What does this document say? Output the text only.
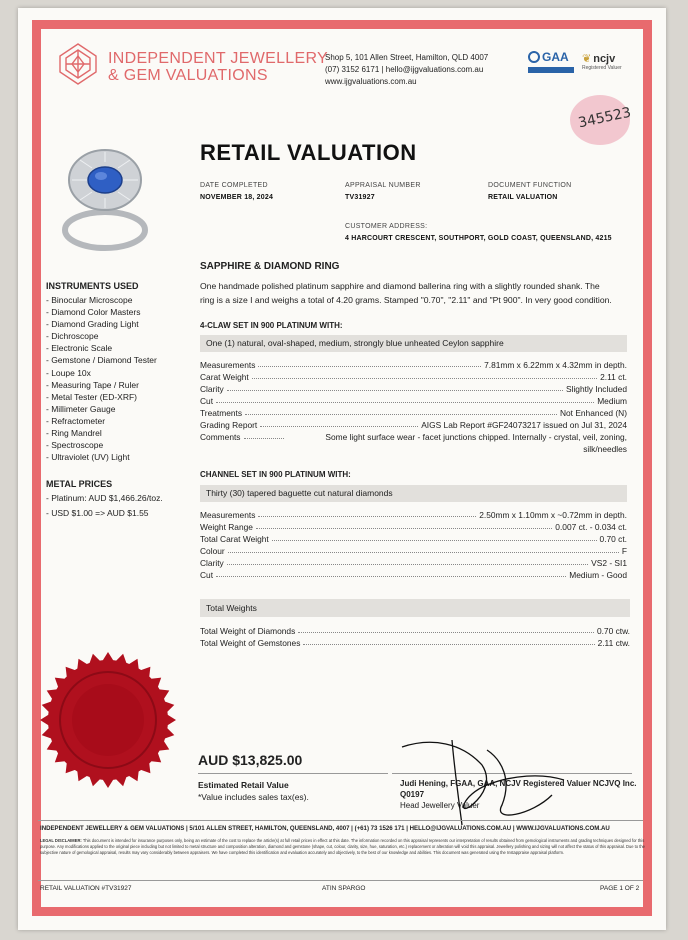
INDEPENDENT JEWELLERY
& GEM VALUATIONS
Shop 5, 101 Allen Street, Hamilton, QLD 4007
(07) 3152 6171 | hello@ijgvaluations.com.au
www.ijgvaluations.com.au
GAA ❦ ncjv
Registered Valuer
345523
RETAIL VALUATION
DATE COMPLETED
NOVEMBER 18, 2024
APPRAISAL NUMBER
TV31927
DOCUMENT FUNCTION
RETAIL VALUATION
CUSTOMER ADDRESS:
4 HARCOURT CRESCENT, SOUTHPORT, GOLD COAST, QUEENSLAND, 4215
INSTRUMENTS USED
- Binocular Microscope
- Diamond Color Masters
- Diamond Grading Light
- Dichroscope
- Electronic Scale
- Gemstone / Diamond Tester
- Loupe 10x
- Measuring Tape / Ruler
- Metal Tester (ED-XRF)
- Millimeter Gauge
- Refractometer
- Ring Mandrel
- Spectroscope
- Ultraviolet (UV) Light
METAL PRICES
- Platinum: AUD $1,466.26/toz.
- USD $1.00 => AUD $1.55
SAPPHIRE & DIAMOND RING
One handmade polished platinum sapphire and diamond ballerina ring with a slightly rounded shank. The
ring is a size I and weighs a total of 4.20 grams. Stamped "0.70", "2.11" and "Pt 900". In very good condition.
4-CLAW SET IN 900 PLATINUM WITH:
One (1) natural, oval-shaped, medium, strongly blue unheated Ceylon sapphire
Measurements	7.81mm x 6.22mm x 4.32mm in depth.
Carat Weight	2.11 ct.
Clarity	Slightly Included
Cut	Medium
Treatments	Not Enhanced (N)
Grading Report	AIGS Lab Report #GF24073217 issued on Jul 31, 2024
Comments	Some light surface wear - facet junctions chipped. Internally - crystal, veil, zoning,
silk/needles
CHANNEL SET IN 900 PLATINUM WITH:
Thirty (30) tapered baguette cut natural diamonds
Measurements	2.50mm x 1.10mm x ~0.72mm in depth.
Weight Range	0.007 ct. - 0.034 ct.
Total Carat Weight	0.70 ct.
Colour	F
Clarity	VS2 - SI1
Cut	Medium - Good
Total Weights
Total Weight of Diamonds	0.70 ctw.
Total Weight of Gemstones	2.11 ctw.
AUD $13,825.00
Estimated Retail Value
*Value includes sales tax(es).
Judi Hening, FGAA, GAA, NCJV Registered Valuer NCJVQ Inc.
Q0197
Head Jewellery Valuer
INDEPENDENT JEWELLERY & GEM VALUATIONS | 5/101 ALLEN STREET, HAMILTON, QUEENSLAND, 4007 | (+61) 73 1526 171 | HELLO@IJGVALUATIONS.COM.AU | WWW.IJGVALUATIONS.COM.AU
LEGAL DISCLAIMER: This document is intended for insurance purposes only, being an estimate of the cost to replace the article(s) at full retail prices in effect at this date. The information recorded on this appraisal represents our interpretation of results obtained from gemological instruments and grading techniques designed for this purpose. Any modifications applied to the original piece including but not limited to metal structure and composition alteration, diamond and gemstone (shape, cut, colour, clarity, size, hue, saturation, etc.) replacement or alteration will void this appraisal. Jewellery polishing and sizing will not affect the status of this appraisal. Due to the subjective nature of gemological appraisal, results may vary considerably between appraisers. We have completed this identification and evaluation accurately and objectively, to the best of our knowledge and abilities. This document was generated using the Instappraise appraisal platform.
RETAIL VALUATION #TV31927	ATIN SPARGO	PAGE 1 OF 2
